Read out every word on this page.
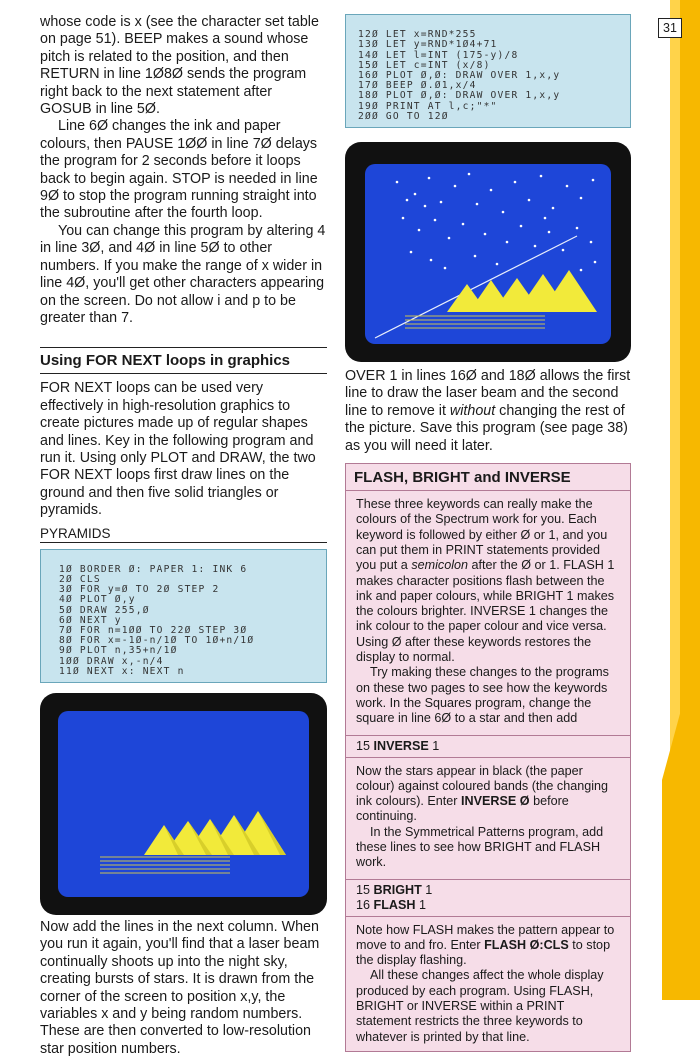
31

whose code is x (see the character set table on page 51). BEEP makes a sound whose pitch is related to the position, and then RETURN in line 1Ø8Ø sends the program right back to the next statement after GOSUB in line 5Ø.

Line 6Ø changes the ink and paper colours, then PAUSE 1ØØ in line 7Ø delays the program for 2 seconds before it loops back to begin again. STOP is needed in line 9Ø to stop the program running straight into the subroutine after the fourth loop.

You can change this program by altering 4 in line 3Ø, and 4Ø in line 5Ø to other numbers. If you make the range of x wider in line 4Ø, you'll get other characters appearing on the screen. Do not allow i and p to be greater than 7.

Using FOR NEXT loops in graphics

FOR NEXT loops can be used very effectively in high-resolution graphics to create pictures made up of regular shapes and lines. Key in the following program and run it. Using only PLOT and DRAW, the two FOR NEXT loops first draw lines on the ground and then five solid triangles or pyramids.

PYRAMIDS

1Ø BORDER Ø: PAPER 1: INK 6
2Ø CLS
3Ø FOR y=Ø TO 2Ø STEP 2
4Ø PLOT Ø,y
5Ø DRAW 255,Ø
6Ø NEXT y
7Ø FOR n=1ØØ TO 22Ø STEP 3Ø
8Ø FOR x=-1Ø-n/1Ø TO 1Ø+n/1Ø
9Ø PLOT n,35+n/1Ø
1ØØ DRAW x,-n/4
11Ø NEXT x: NEXT n

Now add the lines in the next column. When you run it again, you'll find that a laser beam continually shoots up into the night sky, creating bursts of stars. It is drawn from the corner of the screen to position x,y, the variables x and y being random numbers. These are then converted to low-resolution star position numbers.

12Ø LET x=RND*255
13Ø LET y=RND*1Ø4+71
14Ø LET l=INT (175-y)/8
15Ø LET c=INT (x/8)
16Ø PLOT Ø,Ø: DRAW OVER 1,x,y
17Ø BEEP Ø.Ø1,x/4
18Ø PLOT Ø,Ø: DRAW OVER 1,x,y
19Ø PRINT AT l,c;"*"
2ØØ GO TO 12Ø

OVER 1 in lines 16Ø and 18Ø allows the first line to draw the laser beam and the second line to remove it without changing the rest of the picture. Save this program (see page 38) as you will need it later.

FLASH, BRIGHT and INVERSE

These three keywords can really make the colours of the Spectrum work for you. Each keyword is followed by either Ø or 1, and you can put them in PRINT statements provided you put a semicolon after the Ø or 1. FLASH 1 makes character positions flash between the ink and paper colours, while BRIGHT 1 makes the colours brighter. INVERSE 1 changes the ink colour to the paper colour and vice versa. Using Ø after these keywords restores the display to normal.

Try making these changes to the programs on these two pages to see how the keywords work. In the Squares program, change the square in line 6Ø to a star and then add

15 INVERSE 1

Now the stars appear in black (the paper colour) against coloured bands (the changing ink colours). Enter INVERSE Ø before continuing.

In the Symmetrical Patterns program, add these lines to see how BRIGHT and FLASH work.

15 BRIGHT 1
16 FLASH 1

Note how FLASH makes the pattern appear to move to and fro. Enter FLASH Ø:CLS to stop the display flashing.

All these changes affect the whole display produced by each program. Using FLASH, BRIGHT or INVERSE within a PRINT statement restricts the three keywords to whatever is printed by that line.
